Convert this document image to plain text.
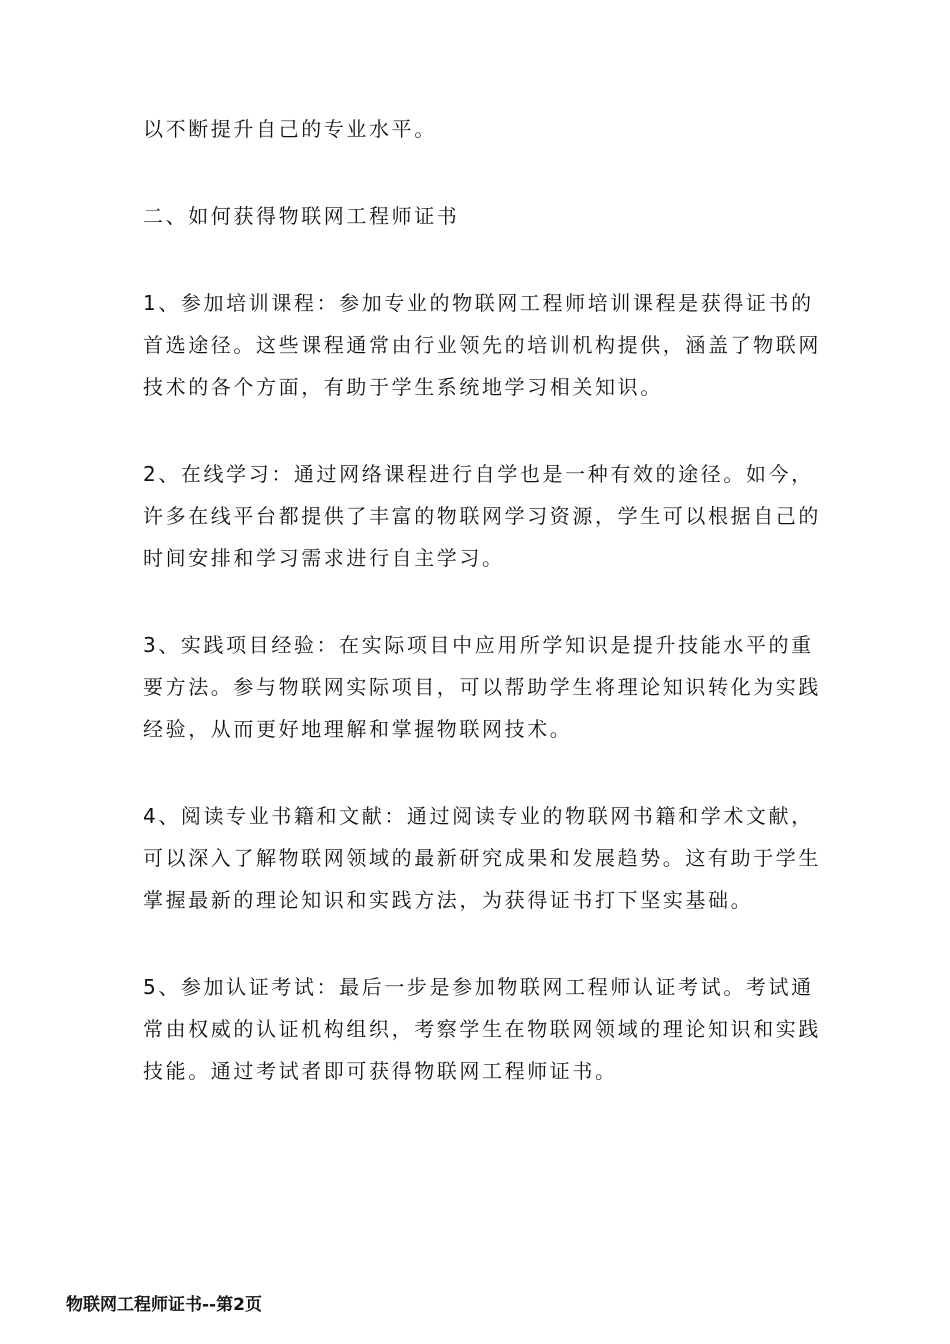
以不断提升自己的专业水平。
二、如何获得物联网工程师证书
1、参加培训课程：参加专业的物联网工程师培训课程是获得证书的
首选途径。这些课程通常由行业领先的培训机构提供，涵盖了物联网
技术的各个方面，有助于学生系统地学习相关知识。
2、在线学习：通过网络课程进行自学也是一种有效的途径。如今，
许多在线平台都提供了丰富的物联网学习资源，学生可以根据自己的
时间安排和学习需求进行自主学习。
3、实践项目经验：在实际项目中应用所学知识是提升技能水平的重
要方法。参与物联网实际项目，可以帮助学生将理论知识转化为实践
经验，从而更好地理解和掌握物联网技术。
4、阅读专业书籍和文献：通过阅读专业的物联网书籍和学术文献，
可以深入了解物联网领域的最新研究成果和发展趋势。这有助于学生
掌握最新的理论知识和实践方法，为获得证书打下坚实基础。
5、参加认证考试：最后一步是参加物联网工程师认证考试。考试通
常由权威的认证机构组织，考察学生在物联网领域的理论知识和实践
技能。通过考试者即可获得物联网工程师证书。
物联网工程师证书--第2页
